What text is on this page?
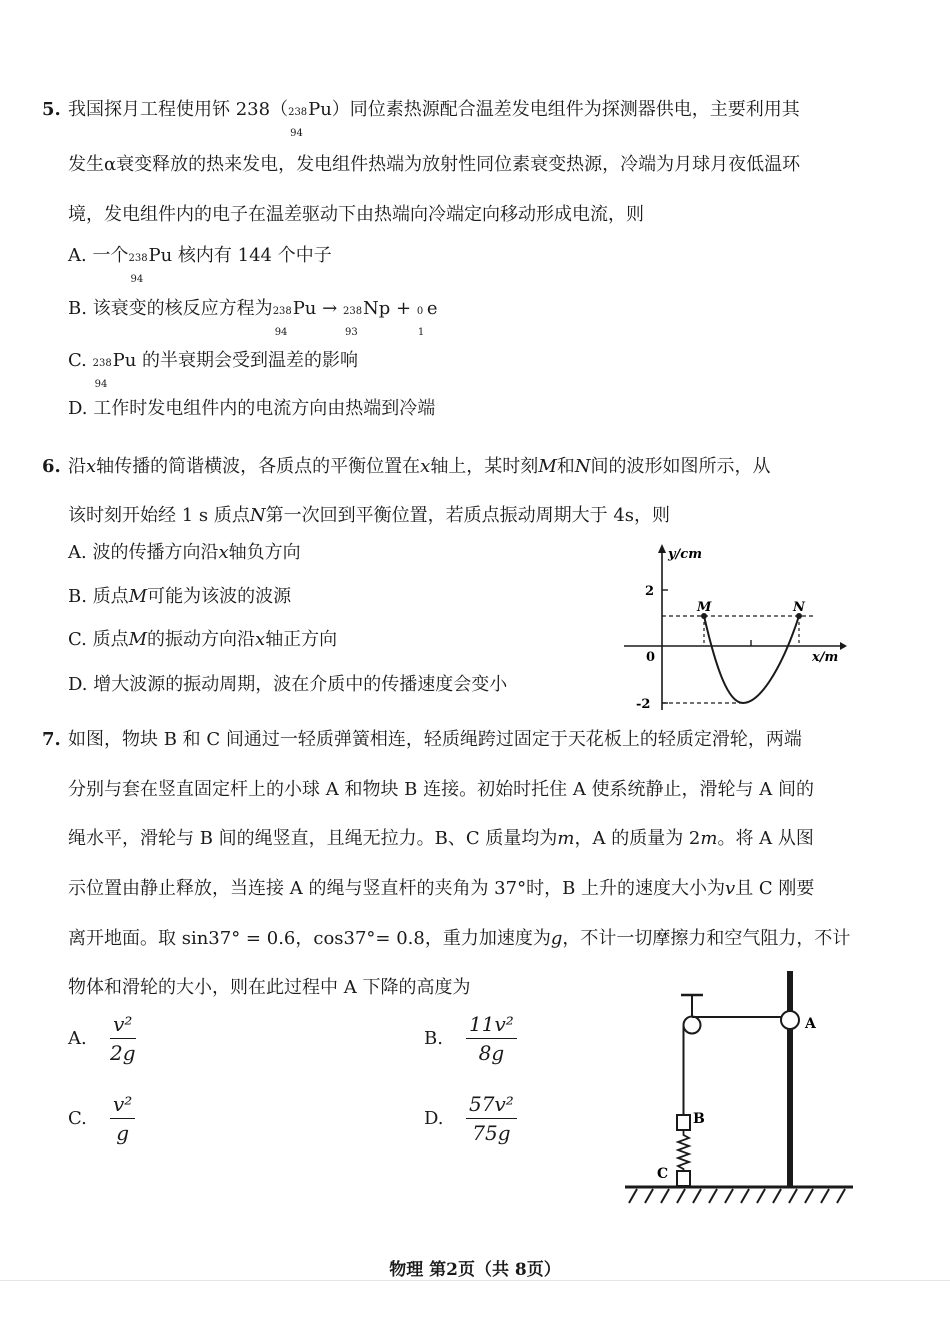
5. 我国探月工程使用钚 238（ 238
94
Pu）同位素热源配合温差发电组件为探测器供电，主要利用其
发生α衰变释放的热来发电，发电组件热端为放射性同位素衰变热源，冷端为月球月夜低温环
境，发电组件内的电子在温差驱动下由热端向冷端定向移动形成电流，则
A. 一个 238
94
Pu 核内有 144 个中子
B. 该衰变的核反应方程为 238
94
Pu → 238
93
Np + 0
1
e
C. 238
94
Pu 的半衰期会受到温差的影响
D. 工作时发电组件内的电流方向由热端到冷端
6. 沿x轴传播的简谐横波，各质点的平衡位置在x轴上，某时刻M和N间的波形如图所示，从
该时刻开始经 1 s 质点N第一次回到平衡位置，若质点振动周期大于 4s，则
A. 波的传播方向沿x轴负方向
B. 质点M可能为该波的波源
C. 质点M的振动方向沿x轴正方向
D. 增大波源的振动周期，波在介质中的传播速度会变小
y/cm
x/m
0
2
-2
M	N
7. 如图，物块 B 和 C 间通过一轻质弹簧相连，轻质绳跨过固定于天花板上的轻质定滑轮，两端
分别与套在竖直固定杆上的小球 A 和物块 B 连接。初始时托住 A 使系统静止，滑轮与 A 间的
绳水平，滑轮与 B 间的绳竖直，且绳无拉力。B、C 质量均为m，A 的质量为 2m。将 A 从图
示位置由静止释放，当连接 A 的绳与竖直杆的夹角为 37°时，B 上升的速度大小为v且 C 刚要
离开地面。取 sin37° = 0.6，cos37°= 0.8，重力加速度为g，不计一切摩擦力和空气阻力，不计
物体和滑轮的大小，则在此过程中 A 下降的高度为
A. $\frac{\text{v²}}{2g}$	B. $\frac{\text{11v²}}{8g}$
C. $\frac{\text{v²}}{g}$	D. $\frac{\text{57v²}}{75g}$
A
B
C
物理 第2页（共 8页）
